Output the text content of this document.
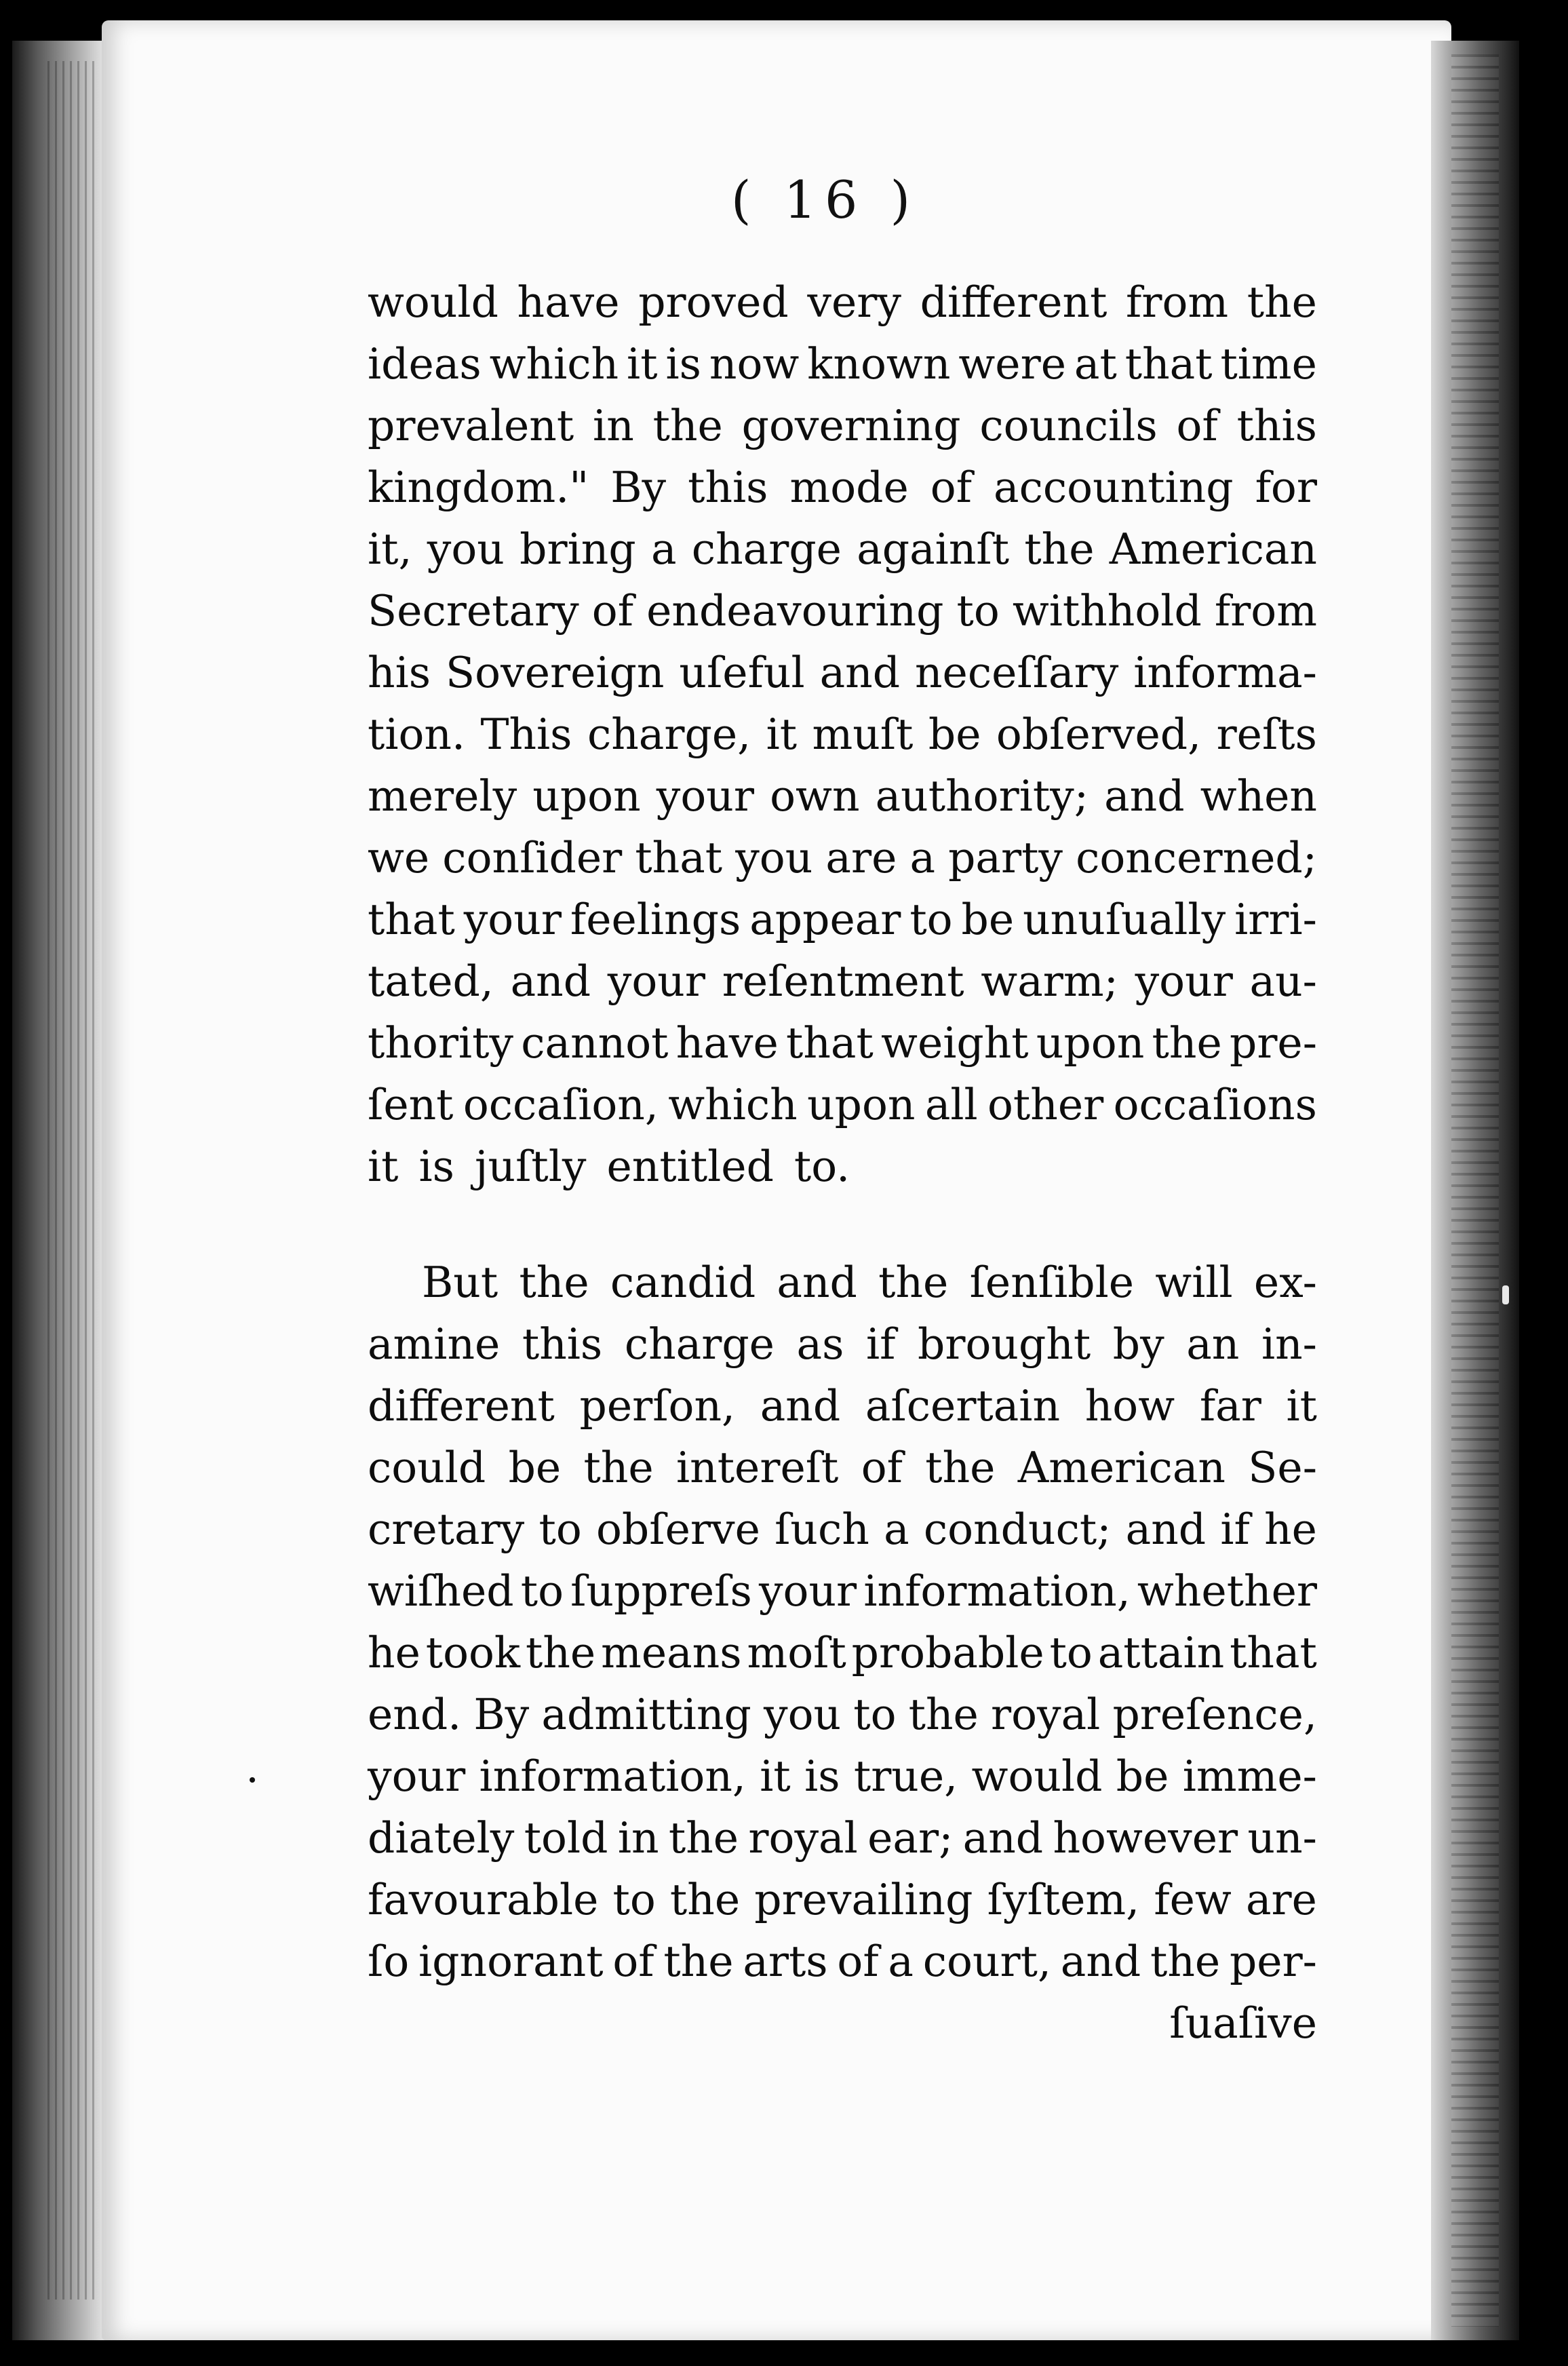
( 16 )
would have proved very different from the
ideas which it is now known were at that time
prevalent in the governing councils of this
kingdom." By this mode of accounting for
it, you bring a charge againſt the American
Secretary of endeavouring to withhold from
his Sovereign uſeful and neceſſary informa-
tion. This charge, it muſt be obſerved, reſts
merely upon your own authority; and when
we conſider that you are a party concerned;
that your feelings appear to be unuſually irri-
tated, and your reſentment warm; your au-
thority cannot have that weight upon the pre-
ſent occaſion, which upon all other occaſions
it is juſtly entitled to.
But the candid and the ſenſible will ex-
amine this charge as if brought by an in-
different perſon, and aſcertain how far it
could be the intereſt of the American Se-
cretary to obſerve ſuch a conduct; and if he
wiſhed to ſuppreſs your information, whether
he took the means moſt probable to attain that
end. By admitting you to the royal preſence,
your information, it is true, would be imme-
diately told in the royal ear; and however un-
favourable to the prevailing ſyſtem, few are
ſo ignorant of the arts of a court, and the per-
ſuaſive
